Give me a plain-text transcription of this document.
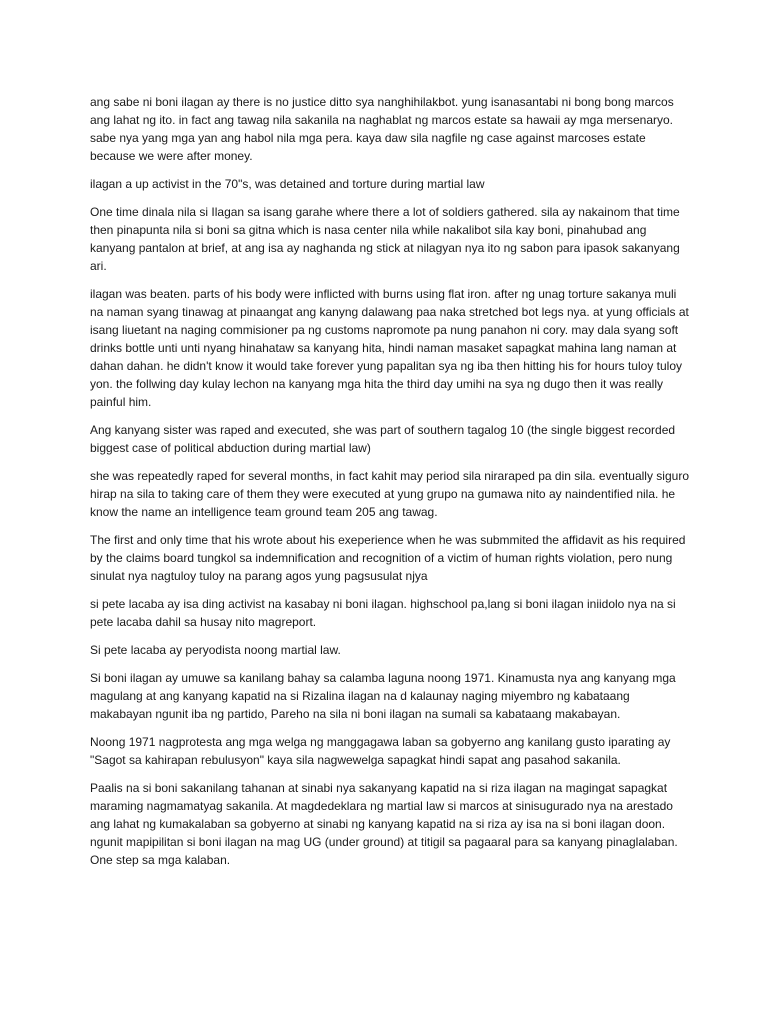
ang sabe ni boni ilagan ay there is no justice ditto sya nanghihilakbot. yung isanasantabi ni bong bong marcos ang lahat ng ito. in fact ang tawag nila sakanila na naghablat ng marcos estate sa hawaii ay mga mersenaryo. sabe nya yang mga yan ang habol nila mga pera. kaya daw sila nagfile ng case against marcoses estate because we were after money.

ilagan a up activist in the 70"s, was detained and torture during martial law

One time dinala nila si Ilagan sa isang garahe where there a lot of soldiers gathered. sila ay nakainom that time then pinapunta nila si boni sa gitna which is nasa center nila while nakalibot sila kay boni, pinahubad ang kanyang pantalon at brief, at ang isa ay naghanda ng stick at nilagyan nya ito ng sabon para ipasok sakanyang ari.

ilagan was beaten. parts of his body were inflicted with burns using flat iron. after ng unag torture sakanya muli na naman syang tinawag at pinaangat ang kanyng dalawang paa naka stretched bot legs nya. at yung officials at isang liuetant na naging commisioner pa ng customs napromote pa nung panahon ni cory. may dala syang soft drinks bottle unti unti nyang hinahataw sa kanyang hita, hindi naman masaket sapagkat mahina lang naman at dahan dahan. he didn't know it would take forever yung papalitan sya ng iba then hitting his for hours tuloy tuloy yon. the follwing day kulay lechon na kanyang mga hita the third day umihi na sya ng dugo then it was really painful him.

Ang kanyang sister was raped and executed, she was part of southern tagalog 10 (the single biggest recorded biggest case of political abduction during martial law)

she was repeatedly raped for several months, in fact kahit may period sila niraraped pa din sila. eventually siguro hirap na sila to taking care of them they were executed at yung grupo na gumawa nito ay naindentified nila. he know the name an intelligence team ground team 205 ang tawag.

The first and only time that his wrote about his exeperience when he was submmited the affidavit as his required by the claims board tungkol sa indemnification and recognition of a victim of human rights violation, pero nung sinulat nya nagtuloy tuloy na parang agos yung pagsusulat njya

si pete lacaba ay isa ding activist na kasabay ni boni ilagan. highschool pa,lang si boni ilagan iniidolo nya na si pete lacaba dahil sa husay nito magreport.

Si pete lacaba ay peryodista noong martial law.

Si boni ilagan ay umuwe sa kanilang bahay sa calamba laguna noong 1971. Kinamusta nya ang kanyang mga magulang at ang kanyang kapatid na si Rizalina ilagan na d kalaunay naging miyembro ng kabataang makabayan ngunit iba ng partido, Pareho na sila ni boni ilagan na sumali sa kabataang makabayan.

Noong 1971 nagprotesta ang mga welga ng manggagawa laban sa gobyerno ang kanilang gusto iparating ay "Sagot sa kahirapan rebulusyon" kaya sila nagwewelga sapagkat hindi sapat ang pasahod sakanila.

Paalis na si boni sakanilang tahanan at sinabi nya sakanyang kapatid na si riza ilagan na magingat sapagkat maraming nagmamatyag sakanila. At magdedeklara ng martial law si marcos at sinisugurado nya na arestado ang lahat ng kumakalaban sa gobyerno at sinabi ng kanyang kapatid na si riza ay isa na si boni ilagan doon. ngunit mapipilitan si boni ilagan na mag UG (under ground) at titigil sa pagaaral para sa kanyang pinaglalaban. One step sa mga kalaban.
